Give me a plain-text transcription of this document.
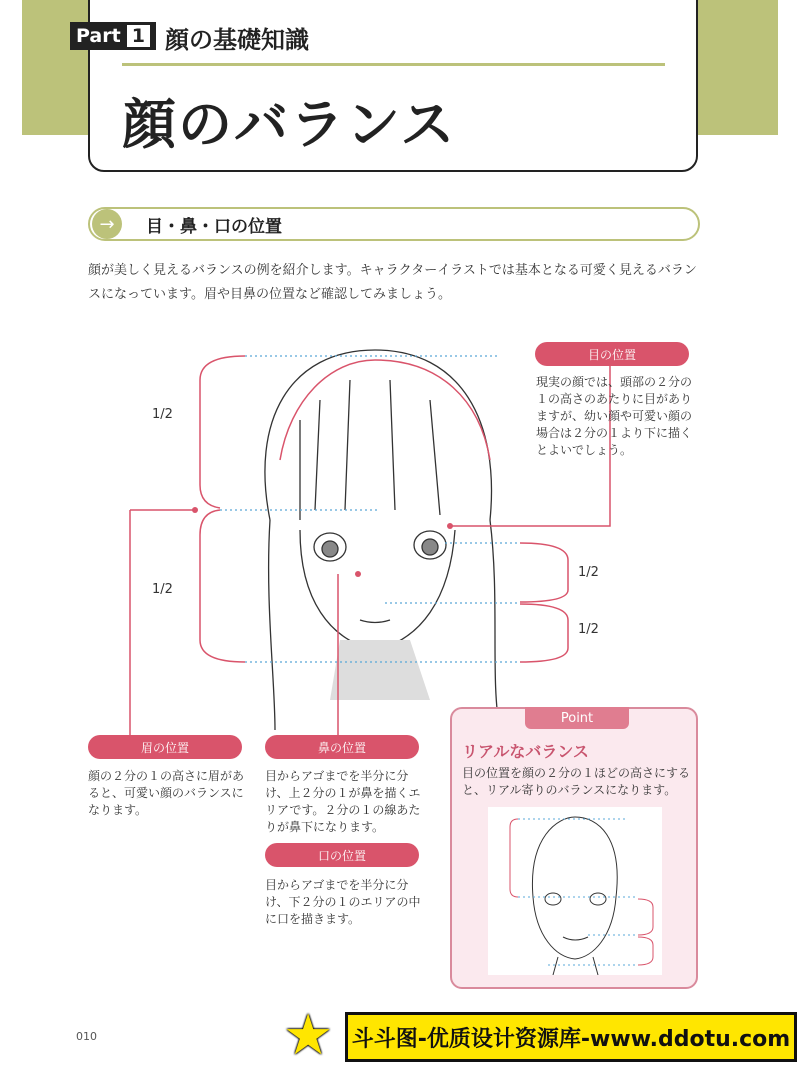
Part 1 顔の基礎知識
顔のバランス
→	目・鼻・口の位置
顔が美しく見えるバランスの例を紹介します。キャラクターイラストでは基本となる可愛く見えるバランスになっています。眉や目鼻の位置など確認してみましょう。
1/2
1/2
1/2
1/2
目の位置
現実の顔では、頭部の２分の１の高さのあたりに目がありますが、幼い顔や可愛い顔の場合は２分の１より下に描くとよいでしょう。
眉の位置
顔の２分の１の高さに眉があると、可愛い顔のバランスになります。
鼻の位置
目からアゴまでを半分に分け、上２分の１が鼻を描くエリアです。２分の１の線あたりが鼻下になります。
口の位置
目からアゴまでを半分に分け、下２分の１のエリアの中に口を描きます。
Point
リアルなバランス
目の位置を顔の２分の１ほどの高さにすると、リアル寄りのバランスになります。
010	★ 斗斗图-优质设计资源库-www.ddotu.com
